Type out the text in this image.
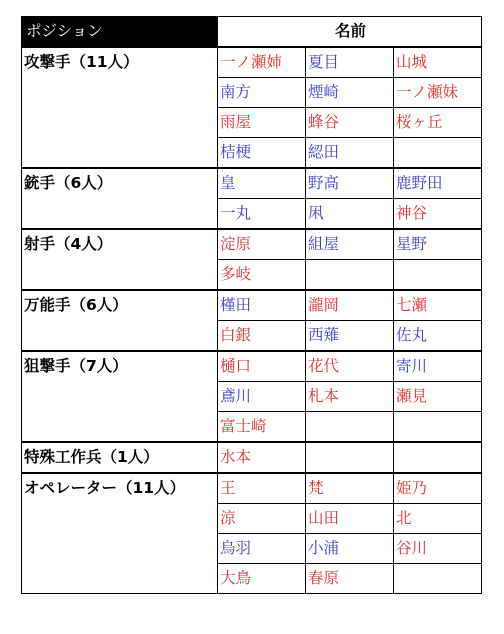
ポジション	名前		
攻撃手（11人）	一ノ瀬姉	夏目	山城
	南方	煙崎	一ノ瀬妹
	雨屋	蜂谷	桜ヶ丘
	桔梗	綛田	
銃手（6人）	皇	野高	鹿野田
	一丸	凩	神谷
射手（4人）	淀原	組屋	星野
	多岐		
万能手（6人）	槿田	瀧岡	七瀬
	白銀	西薙	佐丸
狙撃手（7人）	樋口	花代	寄川
	鳶川	札本	瀬見
	富士崎		
特殊工作兵（1人）	水本		
オペレーター（11人）	王	梵	姫乃
	涼	山田	北
	烏羽	小浦	谷川
	大鳥	春原	
